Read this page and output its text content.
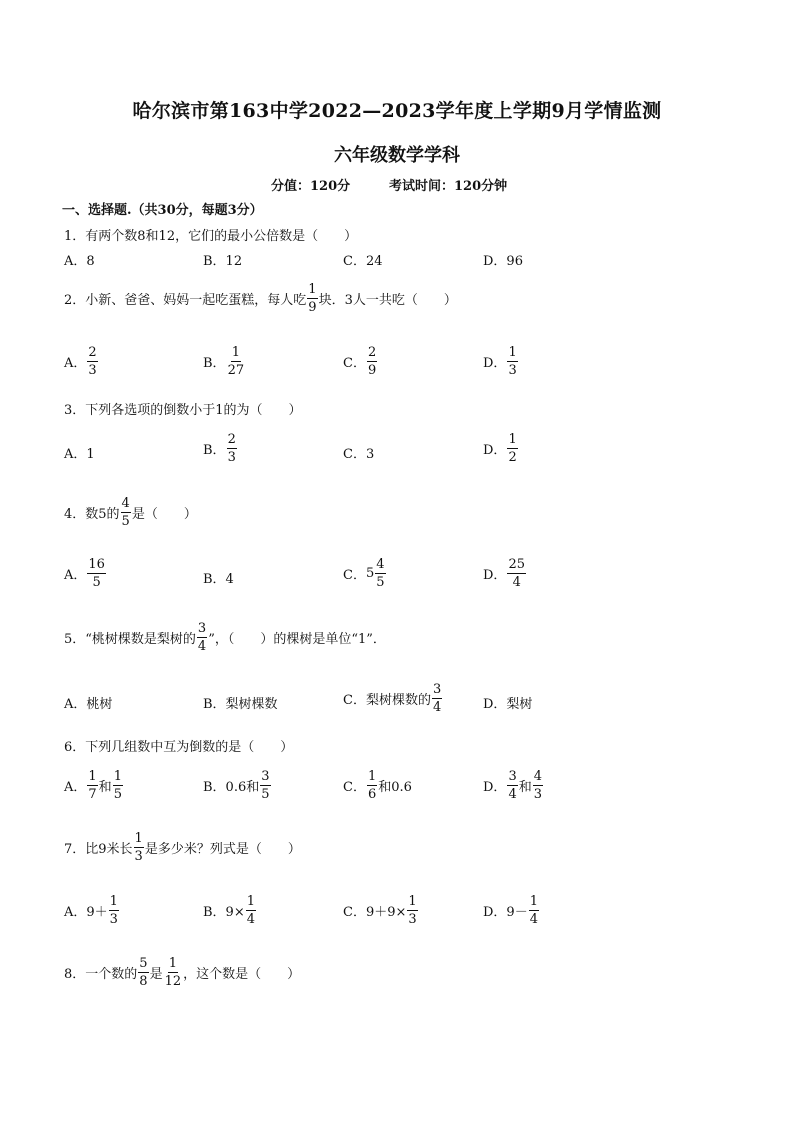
哈尔滨市第163中学2022—2023学年度上学期9月学情监测
六年级数学学科
分值：120分	考试时间：120分钟
一、选择题.（共30分，每题3分）
1．有两个数8和12，它们的最小公倍数是（　　）
A．8	B．12	C．24	D．96
2．小新、爸爸、妈妈一起吃蛋糕，每人吃 $\frac{1}{9}$ 块．3人一共吃（　　）
A． $\frac{2}{3}$	B． $\frac{1}{27}$	C． $\frac{2}{9}$	D． $\frac{1}{3}$
3．下列各选项的倒数小于1的为（　　）
A．1	B． $\frac{2}{3}$	C．3	D． $\frac{1}{2}$
4．数5的 $\frac{4}{5}$ 是（　　）
A． $\frac{16}{5}$	B．4	C． $5 \frac{4}{5}$	D． $\frac{25}{4}$
5．“桃树棵数是梨树的 $\frac{3}{4}$ ”，（　　）的棵树是单位“1”．
A．桃树	B．梨树棵数	C．梨树棵数的 $\frac{3}{4}$	D．梨树
6．下列几组数中互为倒数的是（　　）
A． $\frac{1}{7}$ 和 $\frac{1}{5}$	B．0.6和 $\frac{3}{5}$	C． $\frac{1}{6}$ 和0.6	D． $\frac{3}{4}$ 和 $\frac{4}{3}$
7．比9米长 $\frac{1}{3}$ 是多少米？列式是（　　）
A．$9+ \frac{1}{3}$	B．$9\times \frac{1}{4}$	C．$9+9\times \frac{1}{3}$	D．$9- \frac{1}{4}$
8．一个数的 $\frac{5}{8}$ 是 $\frac{1}{12}$ ，这个数是（　　）
